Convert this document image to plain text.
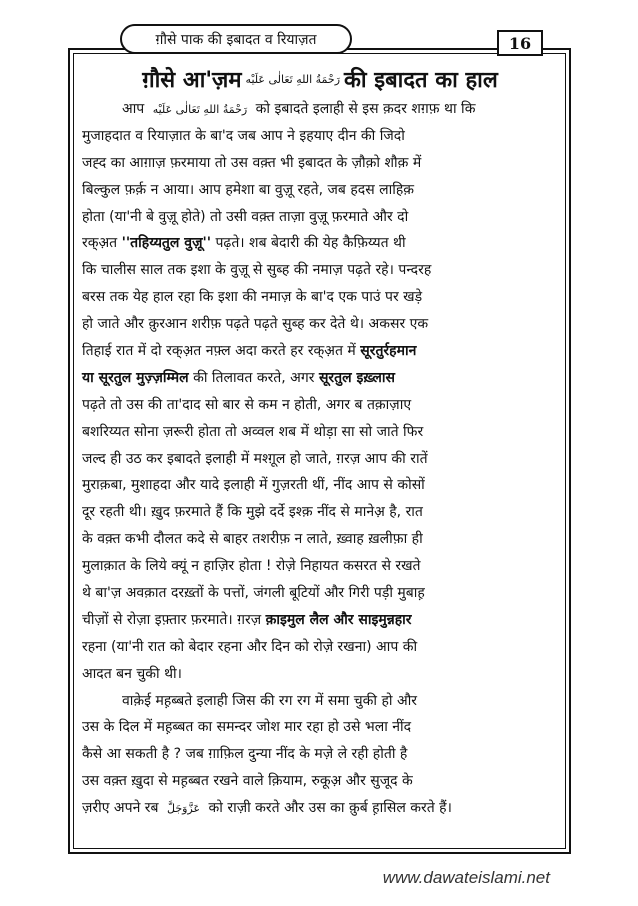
ग़ौसे पाक की इबादत व रियाज़त	16
ग़ौसे आ'ज़म رَحْمَةُ اللهِ تَعَالٰی عَلَیْه की इबादत का हाल
आप رَحْمَةُ اللهِ تَعَالٰی عَلَیْه को इबादते इलाही से इस क़दर शग़फ़ था कि
मुजाहदात व रियाज़ात के बा'द जब आप ने इहयाए दीन की जिदो
जह्द का आग़ाज़ फ़रमाया तो उस वक़्त भी इबादत के ज़ौक़ो शौक़ में
बिल्कुल फ़र्क़ न आया। आप हमेशा बा वुज़ू रहते, जब हदस लाहिक़
होता (या'नी बे वुज़ू होते) तो उसी वक़्त ताज़ा वुज़ू फ़रमाते और दो
रक्अ़त ''तहिय्यतुल वुज़ू'' पढ़ते। शब बेदारी की येह कैफ़िय्यत थी
कि चालीस साल तक इशा के वुज़ू से सुब्ह की नमाज़ पढ़ते रहे। पन्दरह
बरस तक येह हाल रहा कि इशा की नमाज़ के बा'द एक पाउं पर खड़े
हो जाते और क़ुरआन शरीफ़ पढ़ते पढ़ते सुब्ह कर देते थे। अकसर एक
तिहाई रात में दो रक्अ़त नफ़्ल अदा करते हर रक्अ़त में सूरतुर्रहमान
या सूरतुल मुज़्ज़म्मिल की तिलावत करते, अगर सूरतुल इख़्लास
पढ़ते तो उस की ता'दाद सो बार से कम न होती, अगर ब तक़ाज़ाए
बशरिय्यत सोना ज़रूरी होता तो अव्वल शब में थोड़ा सा सो जाते फिर
जल्द ही उठ कर इबादते इलाही में मश्ग़ूल हो जाते, ग़रज़ आप की रातें
मुराक़बा, मुशाहदा और यादे इलाही में गुज़रती थीं, नींद आप से कोसों
दूर रहती थी। ख़ुद फ़रमाते हैं कि मुझे दर्दे इश्क़ नींद से मानेअ़ है, रात
के वक़्त कभी दौलत कदे से बाहर तशरीफ़ न लाते, ख़्वाह ख़लीफ़ा ही
मुलाक़ात के लिये क्यूं न हाज़िर होता ! रोज़े निहायत कसरत से रखते
थे बा'ज़ अवक़ात दरख़्तों के पत्तों, जंगली बूटियों और गिरी पड़ी मुबाह़
चीज़ों से रोज़ा इफ़्तार फ़रमाते। ग़रज़ क़ाइमुल लैल और साइमुन्नहार
रहना (या'नी रात को बेदार रहना और दिन को रोज़े रखना) आप की
आदत बन चुकी थी।
वाक़ेई मह़ब्बते इलाही जिस की रग रग में समा चुकी हो और
उस के दिल में मह़ब्बत का समन्दर जोश मार रहा हो उसे भला नींद
कैसे आ सकती है ? जब ग़ाफ़िल दुन्या नींद के मज़े ले रही होती है
उस वक़्त ख़ुदा से मह़ब्बत रखने वाले क़ियाम, रुकूअ़ और सुजूद के
ज़रीए अपने रब عَزَّوَجَلَّ को राज़ी करते और उस का क़ुर्ब ह़ासिल करते हैं।
www.dawateislami.net
